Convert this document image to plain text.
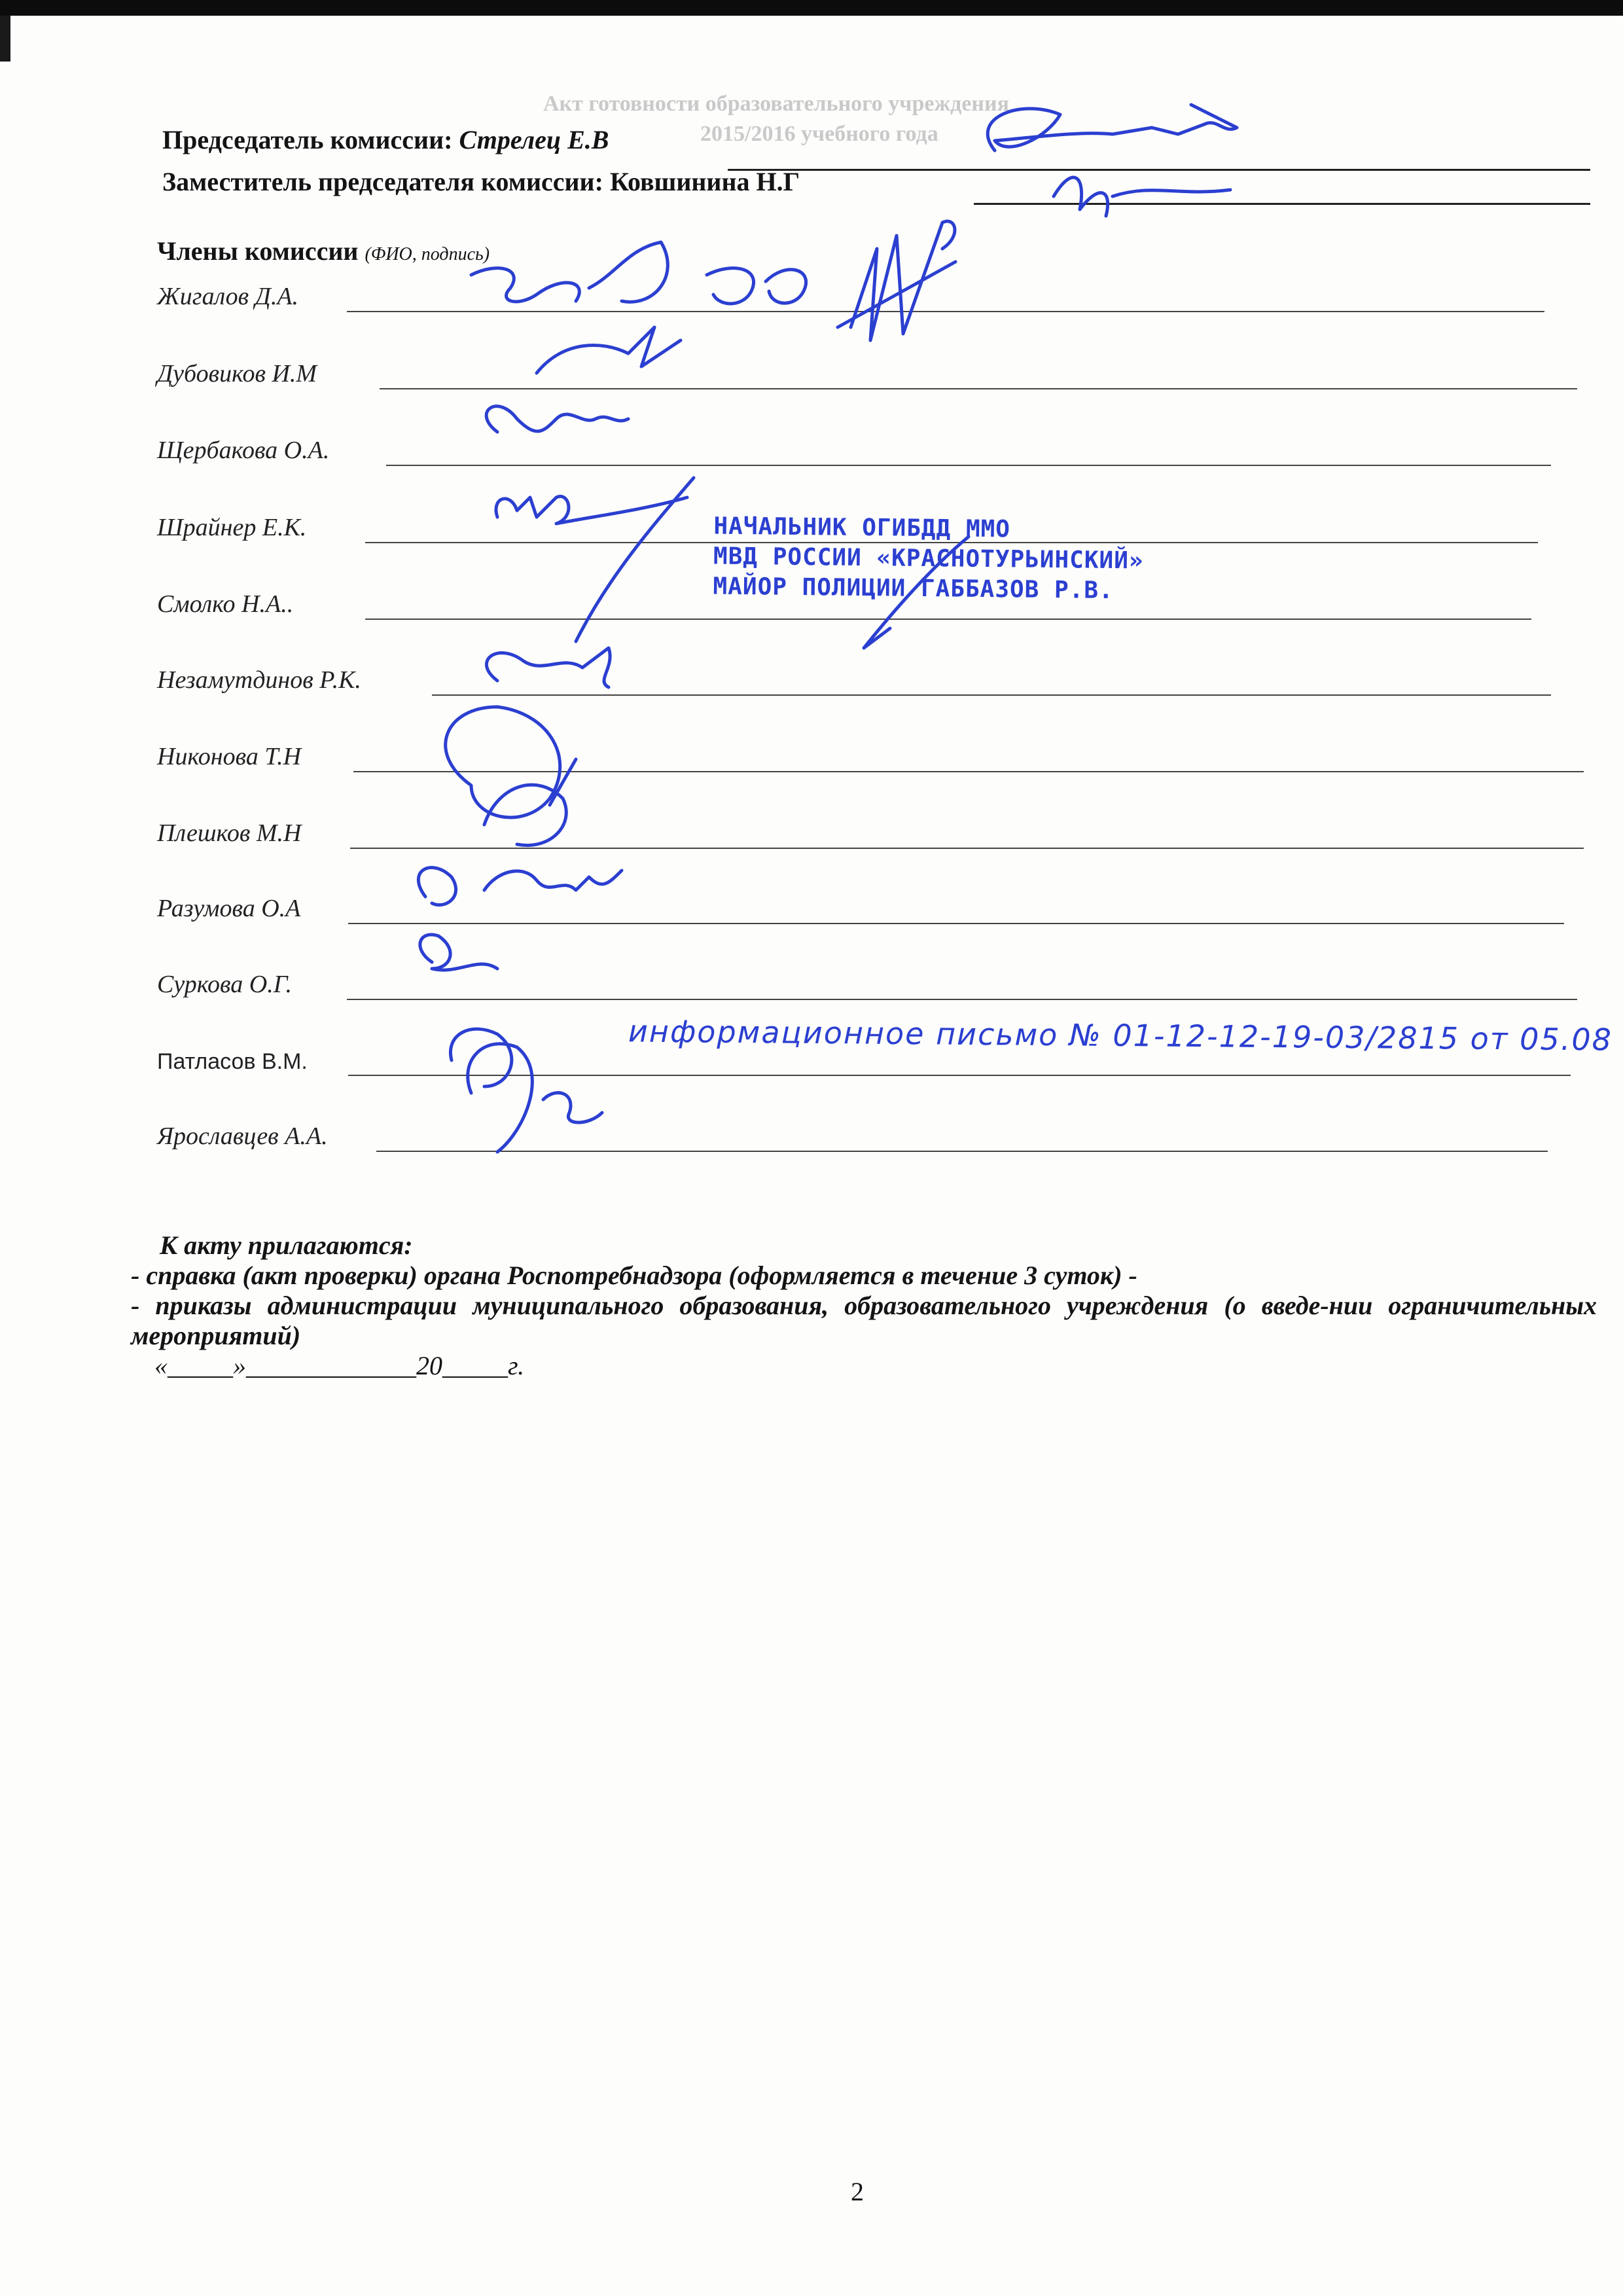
Акт готовности образовательного учреждения
2015/2016 учебного года
Председатель комиссии: Стрелец Е.В
Заместитель председателя комиссии: Ковшинина Н.Г
Члены комиссии (ФИО, подпись)
Жигалов Д.А.
Дубовиков И.М
Щербакова О.А.
Шрайнер Е.К.
Смолко Н.А..
Незамутдинов Р.К.
Никонова Т.Н
Плешков М.Н
Разумова О.А
Суркова О.Г.
Патласов В.М.
Ярославцев А.А.
НАЧАЛЬНИК ОГИБДД ММО
МВД РОССИИ «КРАСНОТУРЬИНСКИЙ»
МАЙОР ПОЛИЦИИ ГАББАЗОВ Р.В.
информационное письмо № 01-12-12-19-03/2815 от 05.08

К акту прилагаются:

- справка (акт проверки) органа Роспотребнадзора (оформляется в течение 3 суток) -

- приказы администрации муниципального образования, образовательного учреждения (о введе-нии ограничительных мероприятий)

«_____»_____________20_____г.

2
